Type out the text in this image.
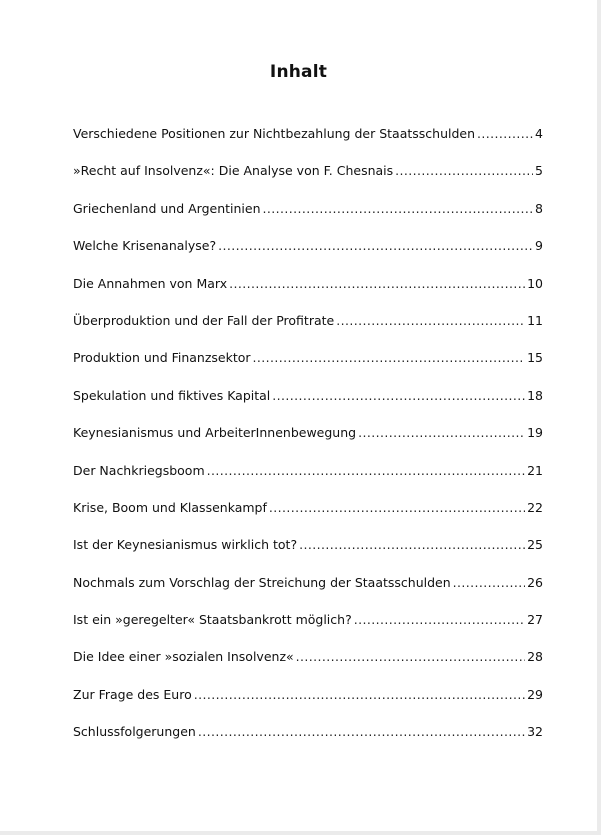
Inhalt
Verschiedene Positionen zur Nichtbezahlung der Staatsschulden .....	4
»Recht auf Insolvenz«: Die Analyse von F. Chesnais .....	5
Griechenland und Argentinien .....	8
Welche Krisenanalyse? .....	9
Die Annahmen von Marx .....	10
Überproduktion und der Fall der Profitrate .....	11
Produktion und Finanzsektor .....	15
Spekulation und fiktives Kapital .....	18
Keynesianismus und ArbeiterInnenbewegung .....	19
Der Nachkriegsboom .....	21
Krise, Boom und Klassenkampf .....	22
Ist der Keynesianismus wirklich tot? .....	25
Nochmals zum Vorschlag der Streichung der Staatsschulden .....	26
Ist ein »geregelter« Staatsbankrott möglich? .....	27
Die Idee einer »sozialen Insolvenz« .....	28
Zur Frage des Euro .....	29
Schlussfolgerungen .....	32
